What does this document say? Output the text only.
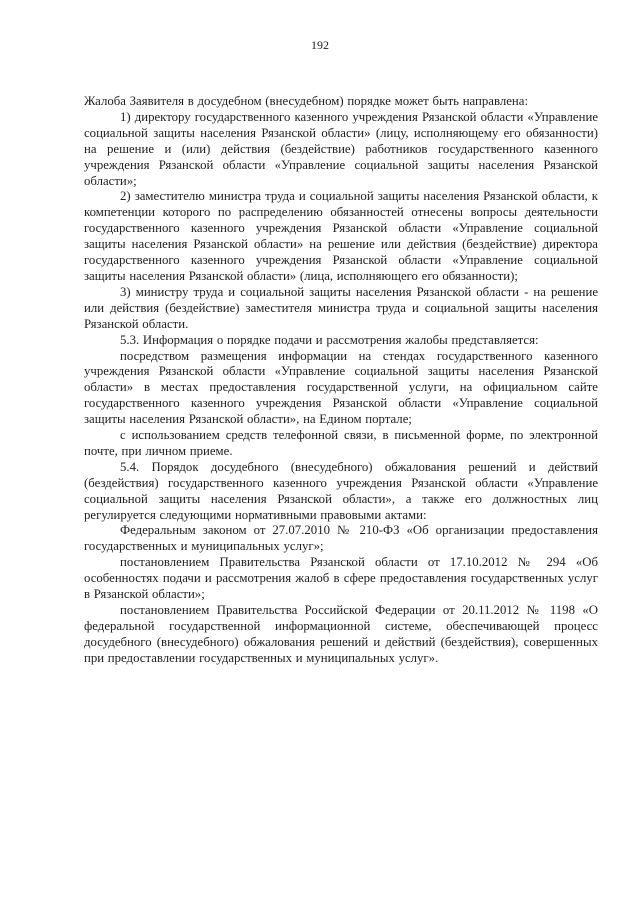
192

Жалоба Заявителя в досудебном (внесудебном) порядке может быть направлена:

1) директору государственного казенного учреждения Рязанской области «Управление социальной защиты населения Рязанской области» (лицу, исполняющему его обязанности) на решение и (или) действия (бездействие) работников государственного казенного учреждения Рязанской области «Управление социальной защиты населения Рязанской области»;

2) заместителю министра труда и социальной защиты населения Рязанской области, к компетенции которого по распределению обязанностей отнесены вопросы деятельности государственного казенного учреждения Рязанской области «Управление социальной защиты населения Рязанской области» на решение или действия (бездействие) директора государственного казенного учреждения Рязанской области «Управление социальной защиты населения Рязанской области» (лица, исполняющего его обязанности);

3) министру труда и социальной защиты населения Рязанской области - на решение или действия (бездействие) заместителя министра труда и социальной защиты населения Рязанской области.

5.3. Информация о порядке подачи и рассмотрения жалобы представляется:

посредством размещения информации на стендах государственного казенного учреждения Рязанской области «Управление социальной защиты населения Рязанской области» в местах предоставления государственной услуги, на официальном сайте государственного казенного учреждения Рязанской области «Управление социальной защиты населения Рязанской области», на Едином портале;

с использованием средств телефонной связи, в письменной форме, по электронной почте, при личном приеме.

5.4. Порядок досудебного (внесудебного) обжалования решений и действий (бездействия) государственного казенного учреждения Рязанской области «Управление социальной защиты населения Рязанской области», а также его должностных лиц регулируется следующими нормативными правовыми актами:

Федеральным законом от 27.07.2010 № 210-ФЗ «Об организации предоставления государственных и муниципальных услуг»;

постановлением Правительства Рязанской области от 17.10.2012 № 294 «Об особенностях подачи и рассмотрения жалоб в сфере предоставления государственных услуг в Рязанской области»;

постановлением Правительства Российской Федерации от 20.11.2012 № 1198 «О федеральной государственной информационной системе, обеспечивающей процесс досудебного (внесудебного) обжалования решений и действий (бездействия), совершенных при предоставлении государственных и муниципальных услуг».
